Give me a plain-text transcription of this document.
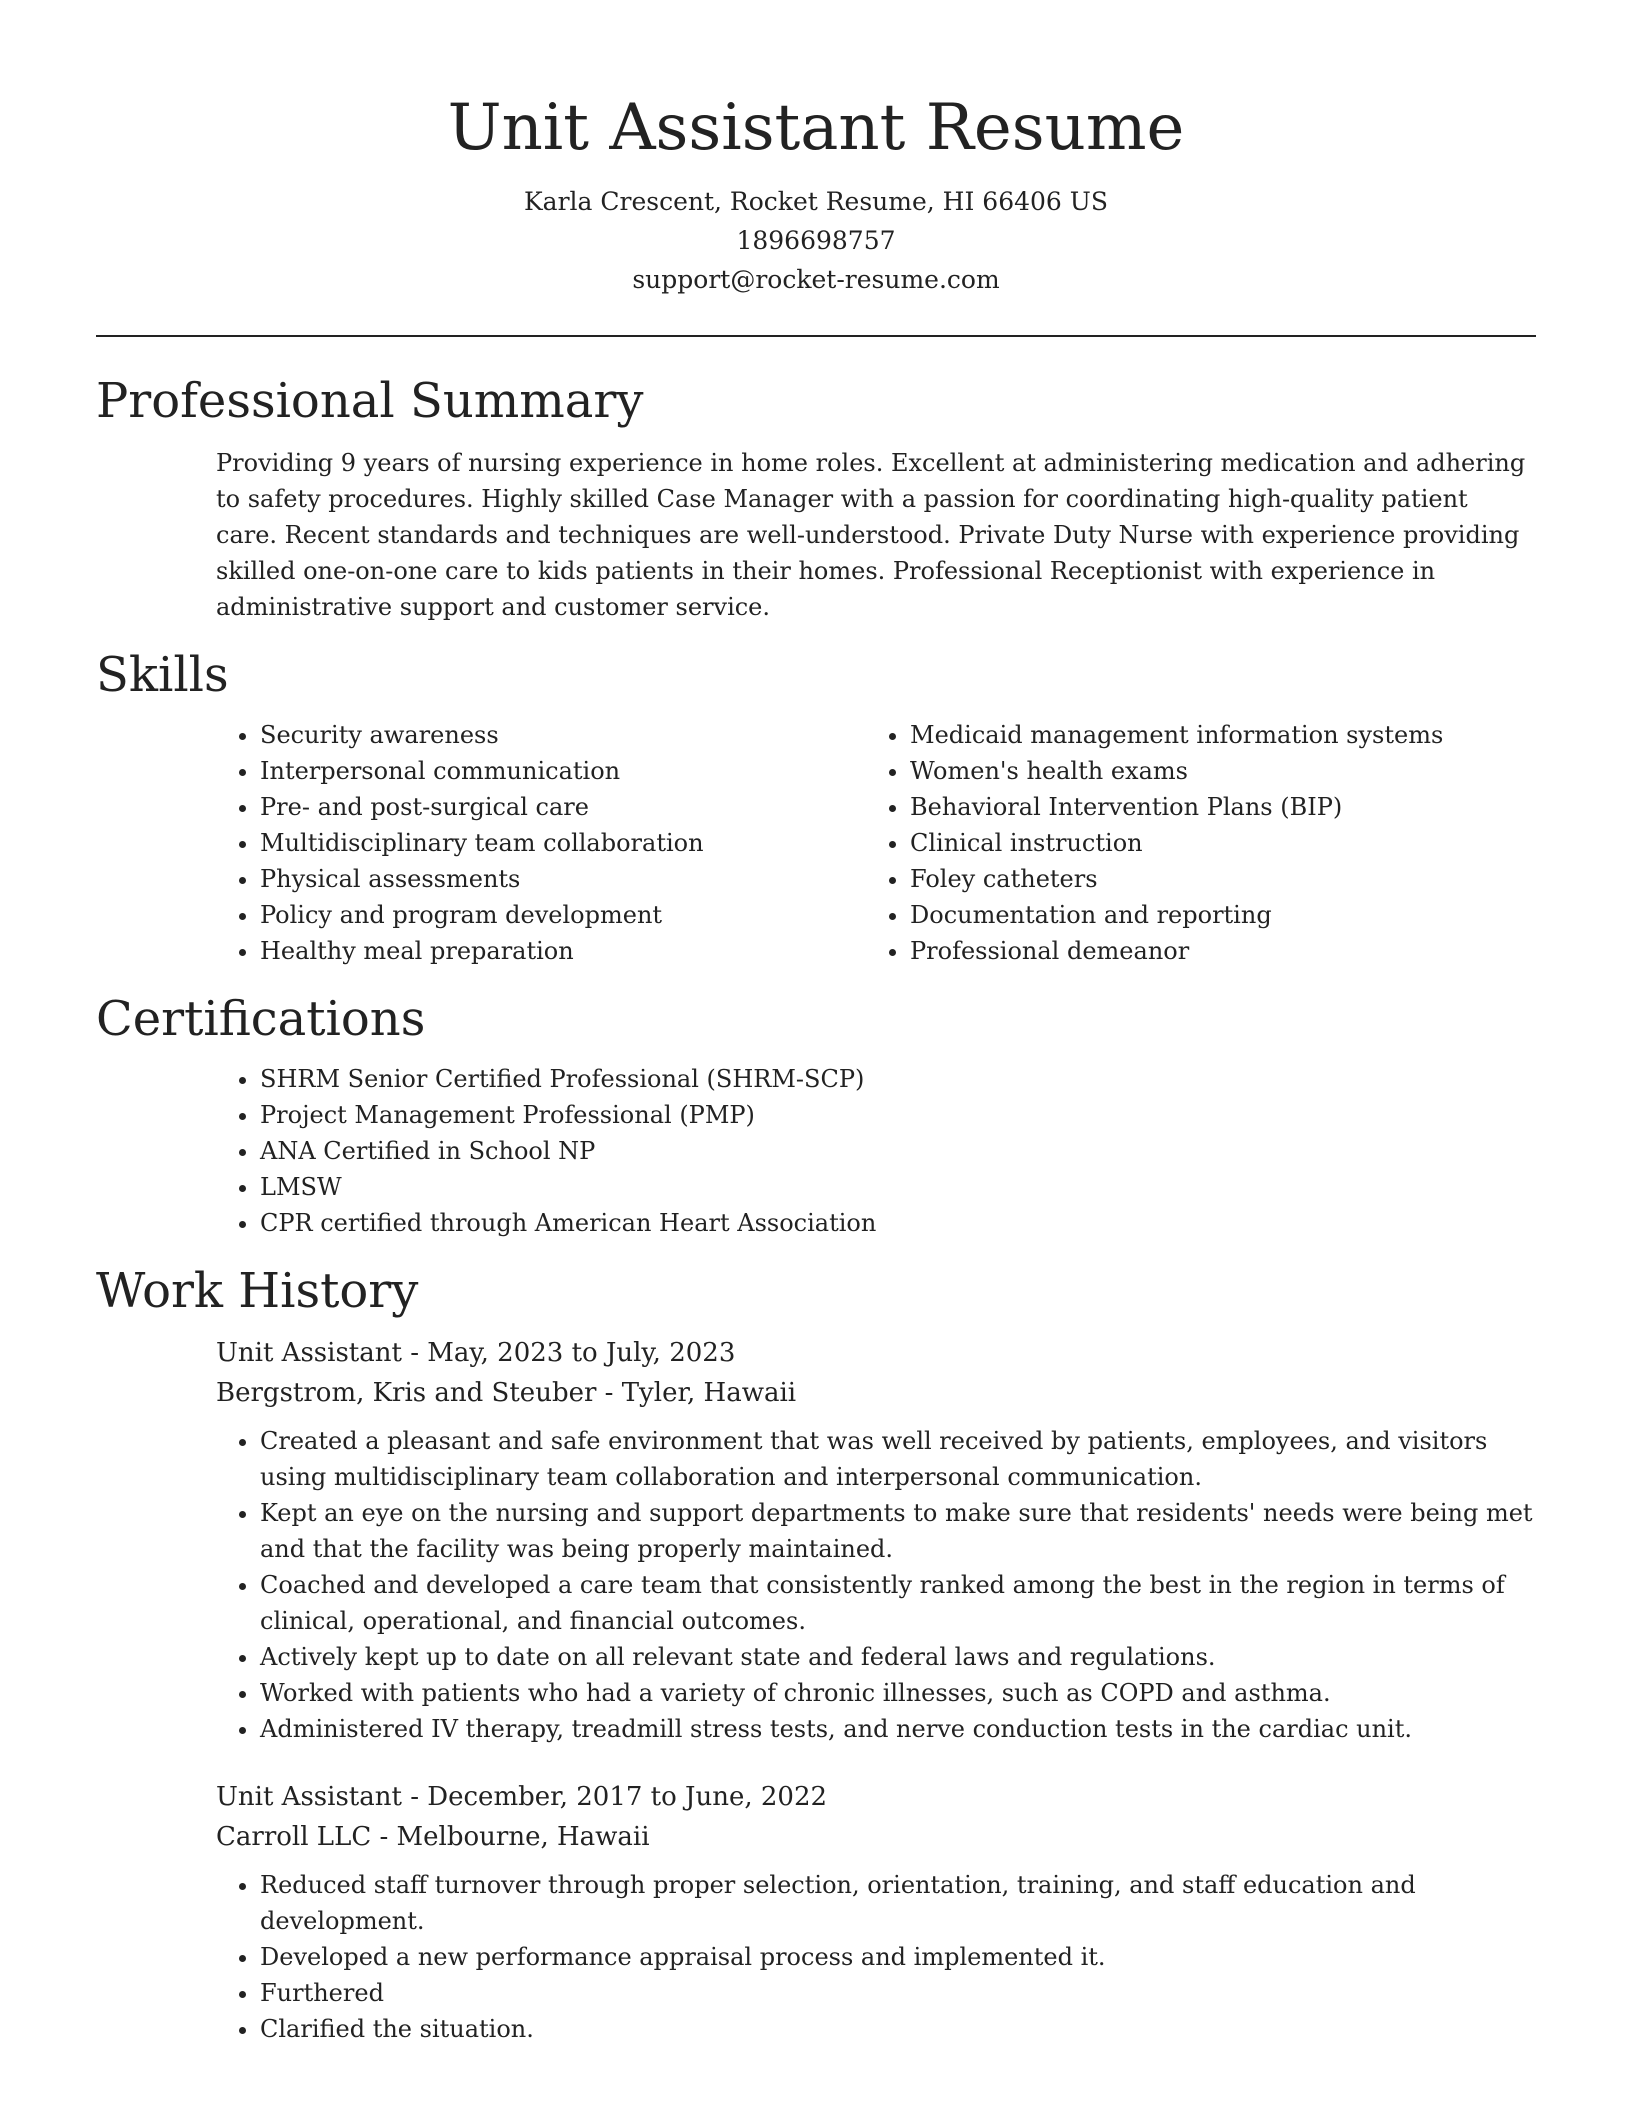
Unit Assistant Resume

Karla Crescent, Rocket Resume, HI 66406 US

1896698757

support@rocket-resume.com

Professional Summary

Providing 9 years of nursing experience in home roles. Excellent at administering medication and adhering to safety procedures. Highly skilled Case Manager with a passion for coordinating high-quality patient care. Recent standards and techniques are well-understood. Private Duty Nurse with experience providing skilled one-on-one care to kids patients in their homes. Professional Receptionist with experience in administrative support and customer service.

Skills
• Security awareness
• Interpersonal communication
• Pre- and post-surgical care
• Multidisciplinary team collaboration
• Physical assessments
• Policy and program development
• Healthy meal preparation
• Medicaid management information systems
• Women's health exams
• Behavioral Intervention Plans (BIP)
• Clinical instruction
• Foley catheters
• Documentation and reporting
• Professional demeanor
Certifications
• SHRM Senior Certified Professional (SHRM-SCP)
• Project Management Professional (PMP)
• ANA Certified in School NP
• LMSW
• CPR certified through American Heart Association
Work History

Unit Assistant - May, 2023 to July, 2023

Bergstrom, Kris and Steuber - Tyler, Hawaii

• Created a pleasant and safe environment that was well received by patients, employees, and visitors using multidisciplinary team collaboration and interpersonal communication.
• Kept an eye on the nursing and support departments to make sure that residents' needs were being met and that the facility was being properly maintained.
• Coached and developed a care team that consistently ranked among the best in the region in terms of clinical, operational, and financial outcomes.
• Actively kept up to date on all relevant state and federal laws and regulations.
• Worked with patients who had a variety of chronic illnesses, such as COPD and asthma.
• Administered IV therapy, treadmill stress tests, and nerve conduction tests in the cardiac unit.

Unit Assistant - December, 2017 to June, 2022

Carroll LLC - Melbourne, Hawaii

• Reduced staff turnover through proper selection, orientation, training, and staff education and development.
• Developed a new performance appraisal process and implemented it.
• Furthered
• Clarified the situation.
